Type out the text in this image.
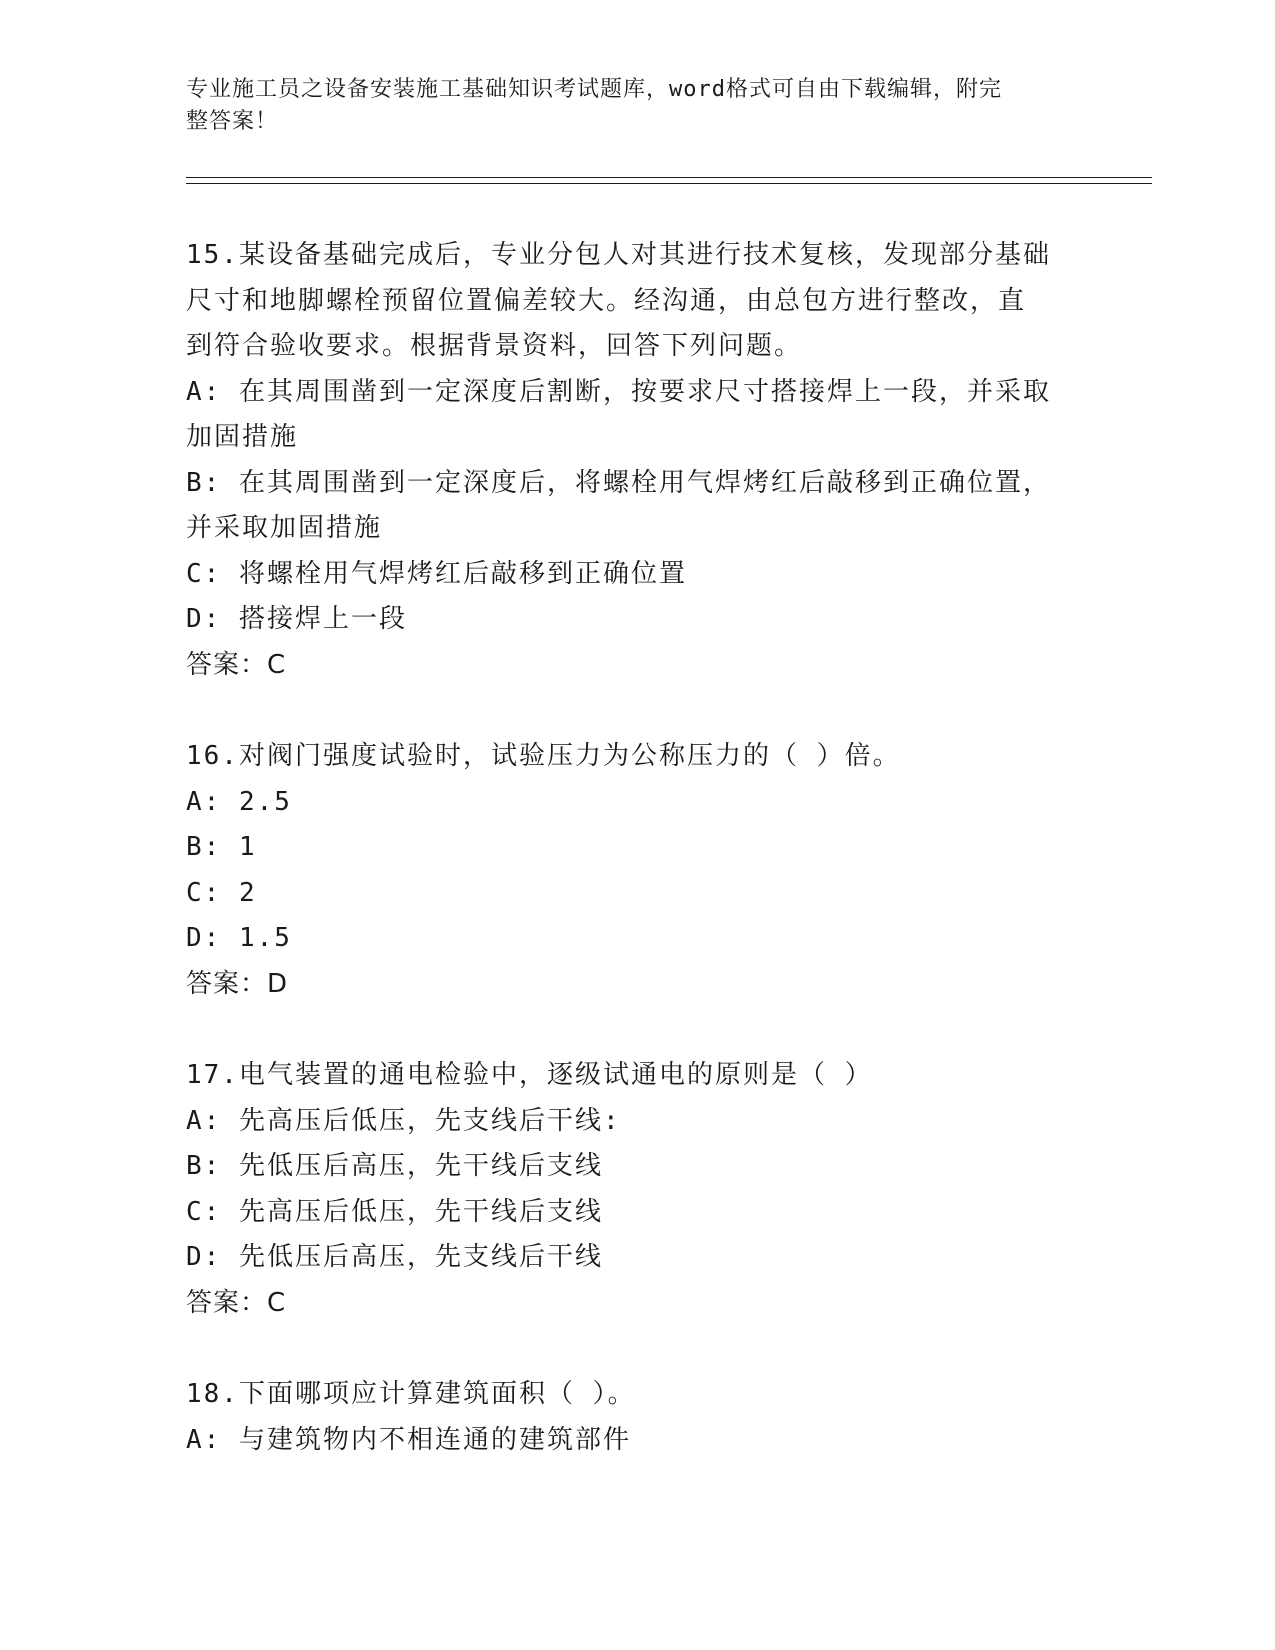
专业施工员之设备安装施工基础知识考试题库，word格式可自由下载编辑，附完
整答案！
15.某设备基础完成后，专业分包人对其进行技术复核，发现部分基础
尺寸和地脚螺栓预留位置偏差较大。经沟通，由总包方进行整改，直
到符合验收要求。根据背景资料，回答下列问题。
A: 在其周围凿到一定深度后割断，按要求尺寸搭接焊上一段，并采取
加固措施
B: 在其周围凿到一定深度后，将螺栓用气焊烤红后敲移到正确位置，
并采取加固措施
C: 将螺栓用气焊烤红后敲移到正确位置
D: 搭接焊上一段
答案：C
16.对阀门强度试验时，试验压力为公称压力的（ ）倍。
A: 2.5
B: 1
C: 2
D: 1.5
答案：D
17.电气装置的通电检验中，逐级试通电的原则是（ ）
A: 先高压后低压，先支线后干线:
B: 先低压后高压，先干线后支线
C: 先高压后低压，先干线后支线
D: 先低压后高压，先支线后干线
答案：C
18.下面哪项应计算建筑面积（ ）。
A: 与建筑物内不相连通的建筑部件
